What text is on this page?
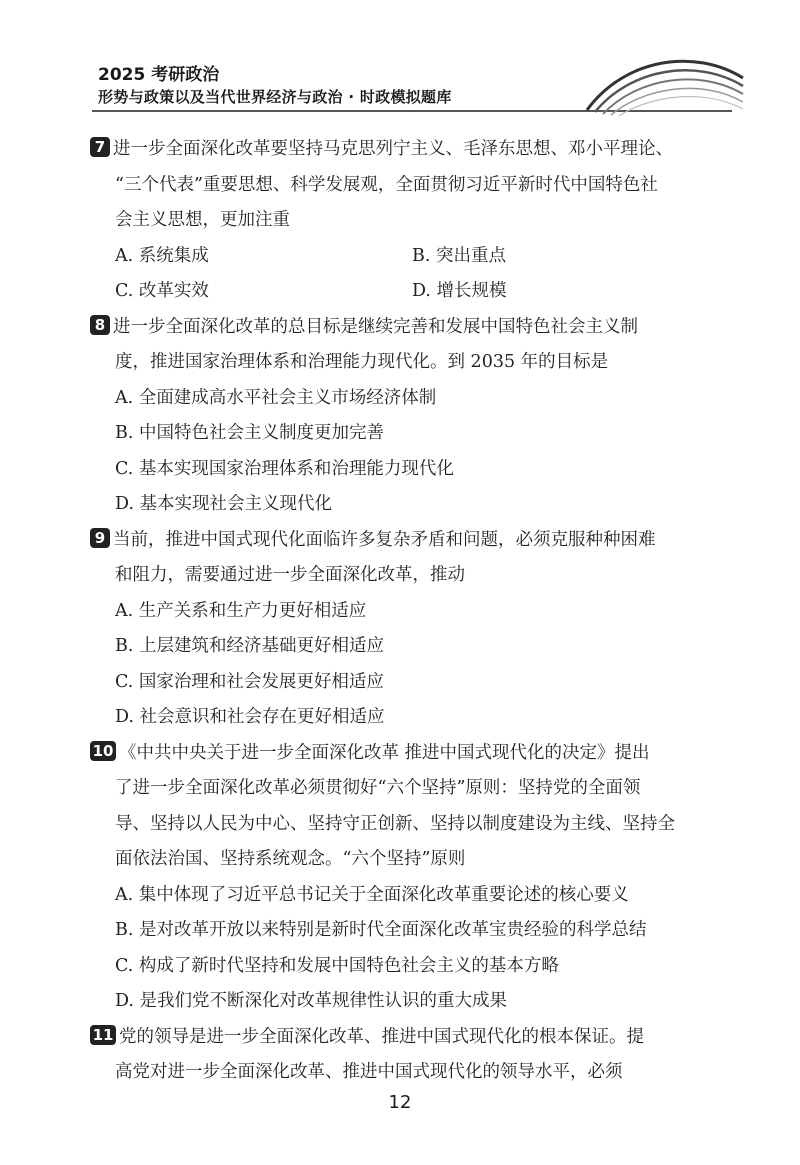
2025 考研政治
形势与政策以及当代世界经济与政治 · 时政模拟题库
7 进一步全面深化改革要坚持马克思列宁主义、毛泽东思想、邓小平理论、
“三个代表”重要思想、科学发展观，全面贯彻习近平新时代中国特色社
会主义思想，更加注重
A. 系统集成	B. 突出重点
C. 改革实效	D. 增长规模
8 进一步全面深化改革的总目标是继续完善和发展中国特色社会主义制
度，推进国家治理体系和治理能力现代化。到 2035 年的目标是
A. 全面建成高水平社会主义市场经济体制
B. 中国特色社会主义制度更加完善
C. 基本实现国家治理体系和治理能力现代化
D. 基本实现社会主义现代化
9 当前，推进中国式现代化面临许多复杂矛盾和问题，必须克服种种困难
和阻力，需要通过进一步全面深化改革，推动
A. 生产关系和生产力更好相适应
B. 上层建筑和经济基础更好相适应
C. 国家治理和社会发展更好相适应
D. 社会意识和社会存在更好相适应
10 《中共中央关于进一步全面深化改革 推进中国式现代化的决定》提出
了进一步全面深化改革必须贯彻好“六个坚持”原则：坚持党的全面领
导、坚持以人民为中心、坚持守正创新、坚持以制度建设为主线、坚持全
面依法治国、坚持系统观念。“六个坚持”原则
A. 集中体现了习近平总书记关于全面深化改革重要论述的核心要义
B. 是对改革开放以来特别是新时代全面深化改革宝贵经验的科学总结
C. 构成了新时代坚持和发展中国特色社会主义的基本方略
D. 是我们党不断深化对改革规律性认识的重大成果
11 党的领导是进一步全面深化改革、推进中国式现代化的根本保证。提
高党对进一步全面深化改革、推进中国式现代化的领导水平，必须
12
